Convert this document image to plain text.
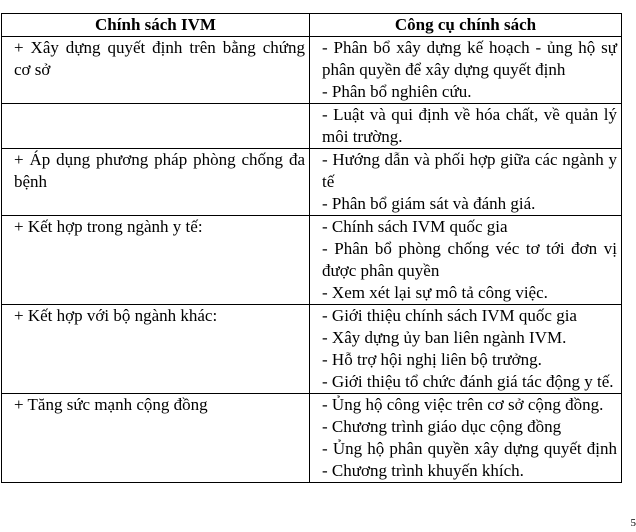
Chính sách IVM	Công cụ chính sách
+ Xây dựng quyết định trên bằng chứng cơ sở	- Phân bổ xây dựng kế hoạch - ủng hộ sự phân quyền để xây dựng quyết định
- Phân bổ nghiên cứu.

	- Luật và qui định về hóa chất, về quản lý môi trường.

+ Áp dụng phương pháp phòng chống đa bệnh	- Hướng dẫn và phối hợp giữa các ngành y tế
- Phân bổ giám sát và đánh giá.

+ Kết hợp trong ngành y tế:	- Chính sách IVM quốc gia
- Phân bổ phòng chống véc tơ tới đơn vị được phân quyền
- Xem xét lại sự mô tả công việc.

+ Kết hợp với bộ ngành khác:	- Giới thiệu chính sách IVM quốc gia
- Xây dựng ủy ban liên ngành IVM.
- Hỗ trợ hội nghị liên bộ trưởng.
- Giới thiệu tổ chức đánh giá tác động y tế.

+ Tăng sức mạnh cộng đồng	- Ủng hộ công việc trên cơ sở cộng đồng.
- Chương trình giáo dục cộng đồng
- Ủng hộ phân quyền xây dựng quyết định - Chương trình khuyến khích.
5
